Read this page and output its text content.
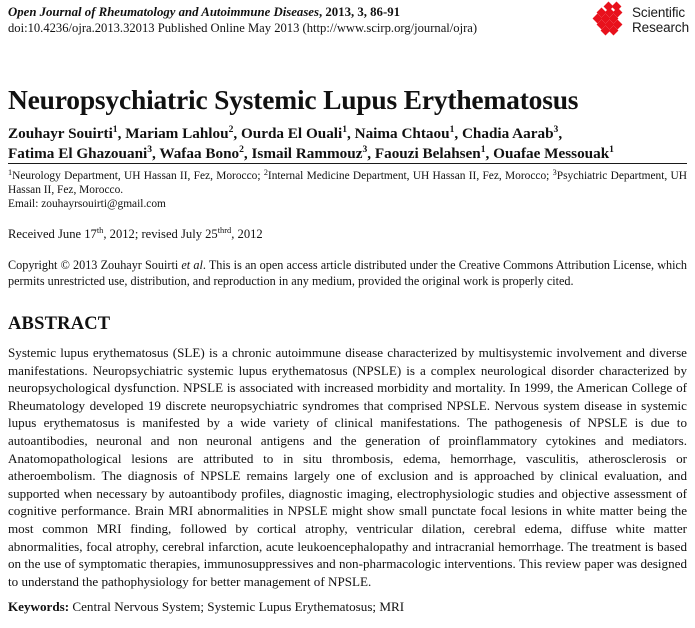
Open Journal of Rheumatology and Autoimmune Diseases, 2013, 3, 86-91
doi:10.4236/ojra.2013.32013 Published Online May 2013 (http://www.scirp.org/journal/ojra)
Scientific
Research
Neuropsychiatric Systemic Lupus Erythematosus
Zouhayr Souirti$^1$, Mariam Lahlou$^2$, Ourda El Ouali$^1$, Naima Chtaou$^1$, Chadia Aarab$^3$,
Fatima El Ghazouani$^3$, Wafaa Bono$^2$, Ismail Rammouz$^3$, Faouzi Belahsen$^1$, Ouafae Messouak$^1$
$^1$Neurology Department, UH Hassan II, Fez, Morocco; $^2$Internal Medicine Department, UH Hassan II, Fez, Morocco; $^3$Psychiatric Department, UH Hassan II, Fez, Morocco.
Email: zouhayrsouirti@gmail.com
Received June 17th, 2012; revised July $25^{thrd}$, 2012
Copyright © 2013 Zouhayr Souirti et al. This is an open access article distributed under the Creative Commons Attribution License, which permits unrestricted use, distribution, and reproduction in any medium, provided the original work is properly cited.
ABSTRACT
Systemic lupus erythematosus (SLE) is a chronic autoimmune disease characterized by multisystemic involvement and diverse manifestations. Neuropsychiatric systemic lupus erythematosus (NPSLE) is a complex neurological disorder characterized by neuropsychological dysfunction. NPSLE is associated with increased morbidity and mortality. In 1999, the American College of Rheumatology developed 19 discrete neuropsychiatric syndromes that comprised NPSLE. Nervous system disease in systemic lupus erythematosus is manifested by a wide variety of clinical manifestations. The pathogenesis of NPSLE is due to autoantibodies, neuronal and non neuronal antigens and the generation of proinflammatory cytokines and mediators. Anatomopathological lesions are attributed to in situ thrombosis, edema, hemorrhage, vasculitis, atherosclerosis or atheroembolism. The diagnosis of NPSLE remains largely one of exclusion and is approached by clinical evaluation, and supported when necessary by autoantibody profiles, diagnostic imaging, electrophysiologic studies and objective assessment of cognitive performance. Brain MRI abnormalities in NPSLE might show small punctate focal lesions in white matter being the most common MRI finding, followed by cortical atrophy, ventricular dilation, cerebral edema, diffuse white matter abnormalities, focal atrophy, cerebral infarction, acute leukoencephalopathy and intracranial hemorrhage. The treatment is based on the use of symptomatic therapies, immunosuppressives and non-pharmacologic interventions. This review paper was designed to understand the pathophysiology for better management of NPSLE.
Keywords: Central Nervous System; Systemic Lupus Erythematosus; MRI
